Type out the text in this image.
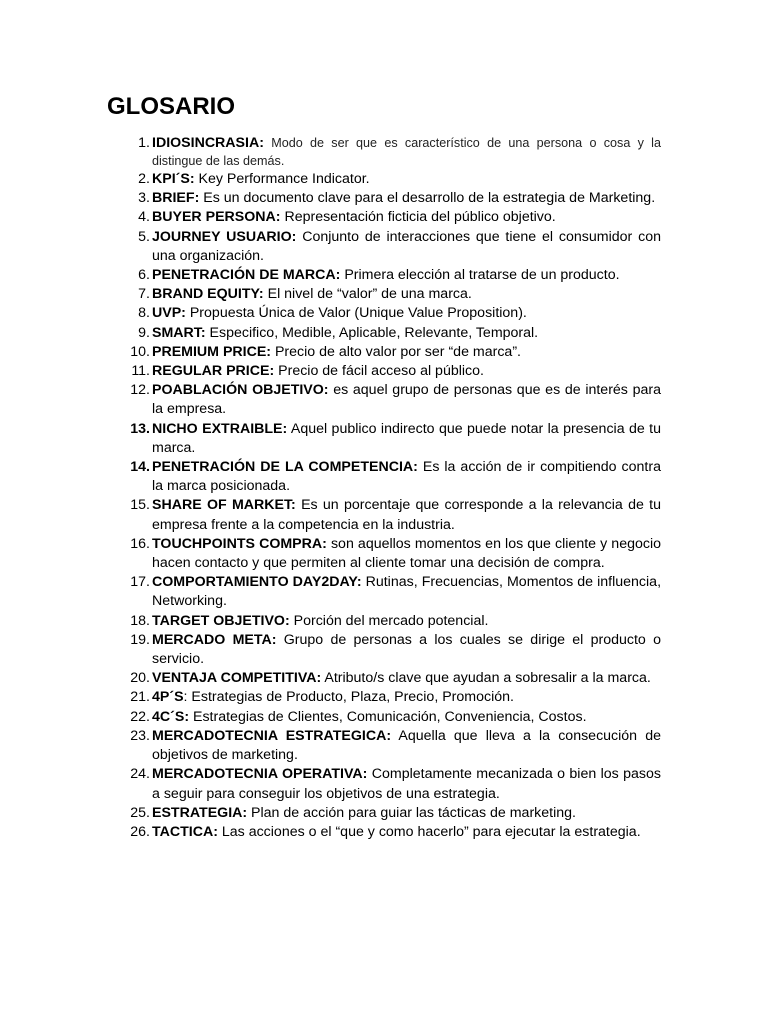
GLOSARIO
1. IDIOSINCRASIA: Modo de ser que es característico de una persona o cosa y la distingue de las demás.
2. KPI´S: Key Performance Indicator.
3. BRIEF: Es un documento clave para el desarrollo de la estrategia de Marketing.
4. BUYER PERSONA: Representación ficticia del público objetivo.
5. JOURNEY USUARIO: Conjunto de interacciones que tiene el consumidor con una organización.
6. PENETRACIÓN DE MARCA: Primera elección al tratarse de un producto.
7. BRAND EQUITY: El nivel de “valor” de una marca.
8. UVP: Propuesta Única de Valor (Unique Value Proposition).
9. SMART: Especifico, Medible, Aplicable, Relevante, Temporal.
10. PREMIUM PRICE: Precio de alto valor por ser “de marca”.
11. REGULAR PRICE: Precio de fácil acceso al público.
12. POABLACIÓN OBJETIVO: es aquel grupo de personas que es de interés para la empresa.
13. NICHO EXTRAIBLE: Aquel publico indirecto que puede notar la presencia de tu marca.
14. PENETRACIÓN DE LA COMPETENCIA: Es la acción de ir compitiendo contra la marca posicionada.
15. SHARE OF MARKET: Es un porcentaje que corresponde a la relevancia de tu empresa frente a la competencia en la industria.
16. TOUCHPOINTS COMPRA: son aquellos momentos en los que cliente y negocio hacen contacto y que permiten al cliente tomar una decisión de compra.
17. COMPORTAMIENTO DAY2DAY: Rutinas, Frecuencias, Momentos de influencia, Networking.
18. TARGET OBJETIVO: Porción del mercado potencial.
19. MERCADO META: Grupo de personas a los cuales se dirige el producto o servicio.
20. VENTAJA COMPETITIVA: Atributo/s clave que ayudan a sobresalir a la marca.
21. 4P´S: Estrategias de Producto, Plaza, Precio, Promoción.
22. 4C´S: Estrategias de Clientes, Comunicación, Conveniencia, Costos.
23. MERCADOTECNIA ESTRATEGICA: Aquella que lleva a la consecución de objetivos de marketing.
24. MERCADOTECNIA OPERATIVA: Completamente mecanizada o bien los pasos a seguir para conseguir los objetivos de una estrategia.
25. ESTRATEGIA: Plan de acción para guiar las tácticas de marketing.
26. TACTICA: Las acciones o el “que y como hacerlo” para ejecutar la estrategia.
